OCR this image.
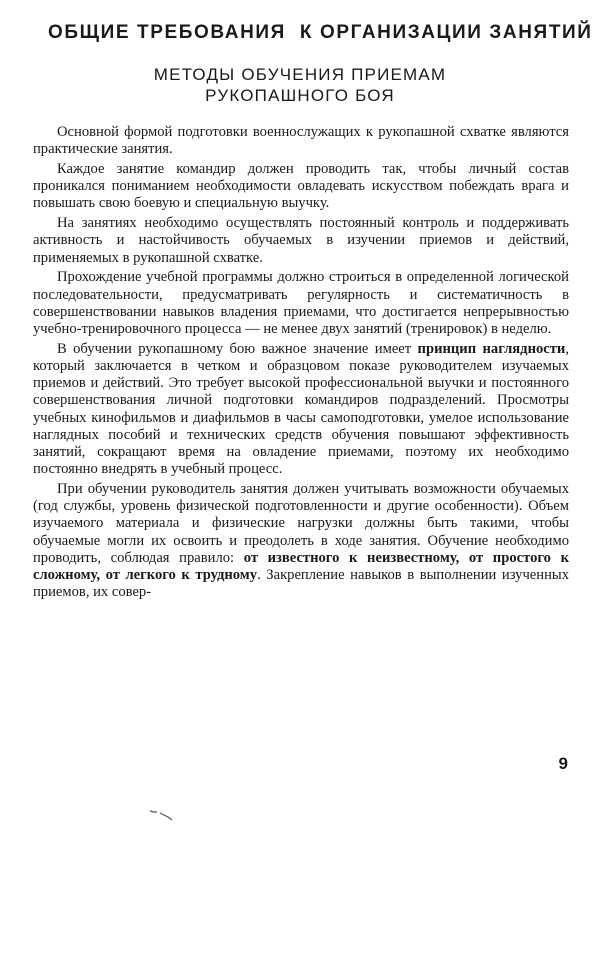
ОБЩИЕ ТРЕБОВАНИЯ К ОРГАНИЗАЦИИ ЗАНЯТИЙ
МЕТОДЫ ОБУЧЕНИЯ ПРИЕМАМ
РУКОПАШНОГО БОЯ

Основной формой подготовки военнослужащих к рукопашной схватке являются практические занятия.

Каждое занятие командир должен проводить так, чтобы личный состав проникался пониманием необходимости овладевать искусством побеждать врага и повышать свою боевую и специальную выучку.

На занятиях необходимо осуществлять постоянный контроль и поддерживать активность и настойчивость обучаемых в изучении приемов и действий, применяемых в рукопашной схватке.

Прохождение учебной программы должно строиться в определенной логической последовательности, предусматривать регулярность и систематичность в совершенствовании навыков владения приемами, что достигается непрерывностью учебно-тренировочного процесса — не менее двух занятий (тренировок) в неделю.

В обучении рукопашному бою важное значение имеет принцип наглядности, который заключается в четком и образцовом показе руководителем изучаемых приемов и действий. Это требует высокой профессиональной выучки и постоянного совершенствования личной подготовки командиров подразделений. Просмотры учебных кинофильмов и диафильмов в часы самоподготовки, умелое использование наглядных пособий и технических средств обучения повышают эффективность занятий, сокращают время на овладение приемами, поэтому их необходимо постоянно внедрять в учебный процесс.

При обучении руководитель занятия должен учитывать возможности обучаемых (год службы, уровень физической подготовленности и другие особенности). Объем изучаемого материала и физические нагрузки должны быть такими, чтобы обучаемые могли их освоить и преодолеть в ходе занятия. Обучение необходимо проводить, соблюдая правило: от известного к неизвестному, от простого к сложному, от легкого к трудному. Закрепление навыков в выполнении изученных приемов, их совер-

9
